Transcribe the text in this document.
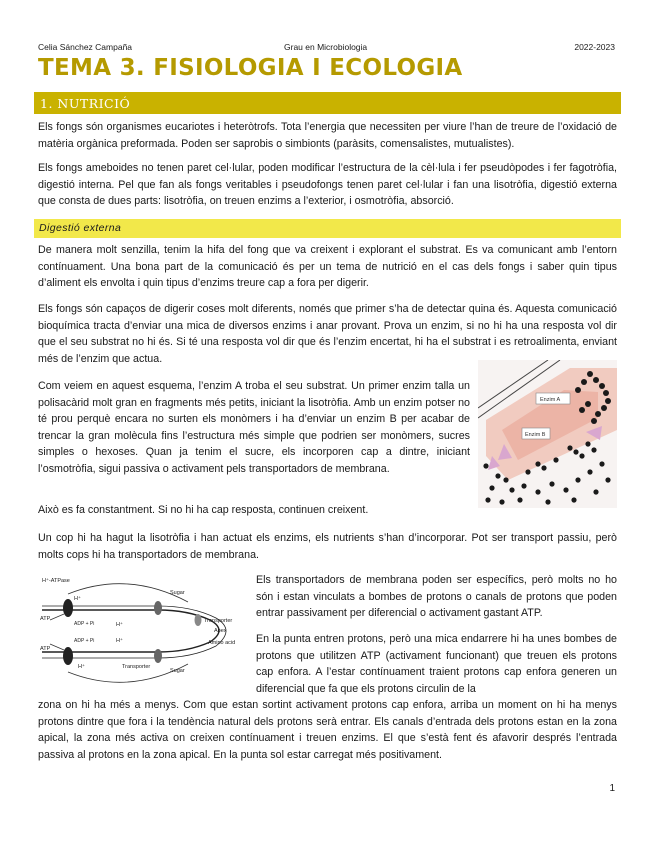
Celia Sánchez Campaña	Grau en Microbiologia	2022-2023
TEMA 3. FISIOLOGIA I ECOLOGIA
1. NUTRICIÓ

Els fongs són organismes eucariotes i heteròtrofs. Tota l’energia que necessiten per viure l’han de treure de l’oxidació de matèria orgànica preformada. Poden ser saprobis o simbionts (paràsits, comensalistes, mutualistes).

Els fongs ameboides no tenen paret cel·lular, poden modificar l’estructura de la cèl·lula i fer pseudòpodes i fer fagotròfia, digestió interna. Pel que fan als fongs veritables i pseudofongs tenen paret cel·lular i fan una lisotròfia, digestió externa que consta de dues parts: lisotròfia, on treuen enzims a l’exterior, i osmotròfia, absorció.

Digestió externa

De manera molt senzilla, tenim la hifa del fong que va creixent i explorant el substrat. Es va comunicant amb l’entorn contínuament. Una bona part de la comunicació és per un tema de nutrició en el cas dels fongs i saber quin tipus d’aliment els envolta i quin tipus d’enzims treure cap a fora per digerir.

Els fongs són capaços de digerir coses molt diferents, només que primer s’ha de detectar quina és. Aquesta comunicació bioquímica tracta d’enviar una mica de diversos enzims i anar provant. Prova un enzim, si no hi ha una resposta vol dir que el seu substrat no hi és. Si té una resposta vol dir que és l’enzim encertat, hi ha el substrat i es retroalimenta, enviant més de l’enzim que actua.

Com veiem en aquest esquema, l’enzim A troba el seu substrat. Un primer enzim talla un polisacàrid molt gran en fragments més petits, iniciant la lisotròfia. Amb un enzim potser no té prou perquè encara no surten els monòmers i ha d’enviar un enzim B per acabar de trencar la gran molècula fins l’estructura més simple que podrien ser monòmers, sucres simples o hexoses. Quan ja tenim el sucre, els incorporen cap a dintre, iniciant l’osmotròfia, sigui passiva o activament pels transportadors de membrana.

Enzim A
Enzim B

Això es fa constantment. Si no hi ha cap resposta, continuen creixent.

Un cop hi ha hagut la lisotròfia i han actuat els enzims, els nutrients s’han d’incorporar. Pot ser transport passiu, però molts cops hi ha transportadors de membrana.

H⁺-ATPase
ATP
ADP + Pi
ATP
ADP + Pi
H⁺
H⁺
H⁺
H⁺
Sugar
Sugar
Transporter
Transporter
Apex
Amino acid

Els transportadors de membrana poden ser específics, però molts no ho són i estan vinculats a bombes de protons o canals de protons que poden entrar passivament per diferencial o activament gastant ATP.

En la punta entren protons, però una mica endarrere hi ha unes bombes de protons que utilitzen ATP (activament funcionant) que treuen els protons cap enfora. A l’estar contínuament traient protons cap enfora generen un diferencial que fa que els protons circulin de la

zona on hi ha més a menys. Com que estan sortint activament protons cap enfora, arriba un moment on hi ha menys protons dintre que fora i la tendència natural dels protons serà entrar. Els canals d’entrada dels protons estan en la zona apical, la zona més activa on creixen contínuament i treuen enzims. El que s’està fent és afavorir després l’entrada passiva al protons en la zona apical. En la punta sol estar carregat més positivament.

1
